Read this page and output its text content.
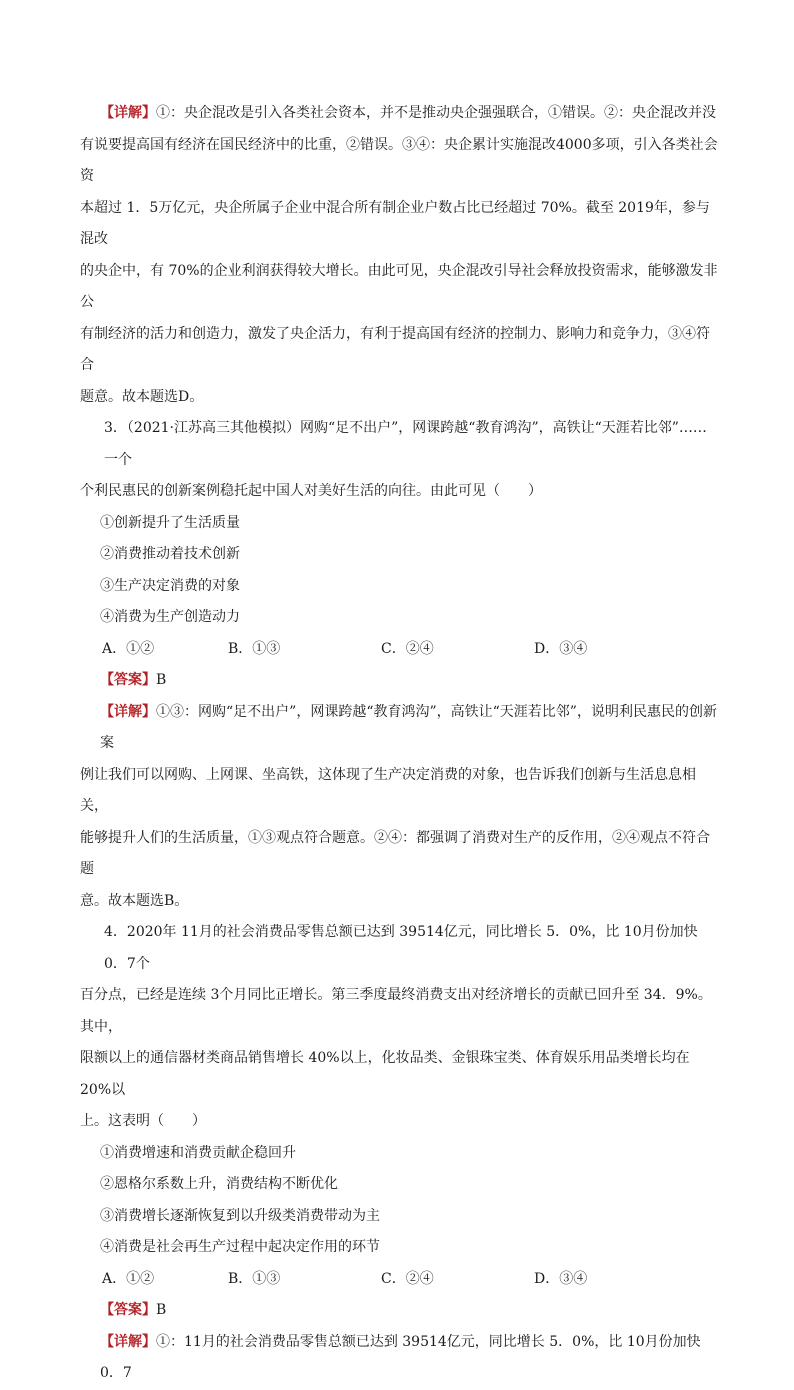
【详解】①：央企混改是引入各类社会资本，并不是推动央企强强联合，①错误。②：央企混改并没

有说要提高国有经济在国民经济中的比重，②错误。③④：央企累计实施混改4000多项，引入各类社会资

本超过 1．5万亿元，央企所属子企业中混合所有制企业户数占比已经超过 70%。截至 2019年，参与混改

的央企中，有 70%的企业利润获得较大增长。由此可见，央企混改引导社会释放投资需求，能够激发非公

有制经济的活力和创造力，激发了央企活力，有利于提高国有经济的控制力、影响力和竞争力，③④符合

题意。故本题选D。

3．（2021·江苏高三其他模拟）网购“足不出户”，网课跨越“教育鸿沟”，高铁让“天涯若比邻”……一个

个利民惠民的创新案例稳托起中国人对美好生活的向往。由此可见（　　）

①创新提升了生活质量

②消费推动着技术创新

③生产决定消费的对象

④消费为生产创造动力

A．①②	B．①③	C．②④	D．③④

【答案】B

【详解】①③：网购“足不出户”，网课跨越“教育鸿沟”，高铁让“天涯若比邻”，说明利民惠民的创新案

例让我们可以网购、上网课、坐高铁，这体现了生产决定消费的对象，也告诉我们创新与生活息息相关，

能够提升人们的生活质量，①③观点符合题意。②④：都强调了消费对生产的反作用，②④观点不符合题

意。故本题选B。

4．2020年 11月的社会消费品零售总额已达到 39514亿元，同比增长 5．0%，比 10月份加快 0．7个

百分点，已经是连续 3个月同比正增长。第三季度最终消费支出对经济增长的贡献已回升至 34．9%。其中，

限额以上的通信器材类商品销售增长 40%以上，化妆品类、金银珠宝类、体育娱乐用品类增长均在 20%以

上。这表明（　　）

①消费增速和消费贡献企稳回升

②恩格尔系数上升，消费结构不断优化

③消费增长逐渐恢复到以升级类消费带动为主

④消费是社会再生产过程中起决定作用的环节

A．①②	B．①③	C．②④	D．③④

【答案】B

【详解】①：11月的社会消费品零售总额已达到 39514亿元，同比增长 5．0%，比 10月份加快 0．7
